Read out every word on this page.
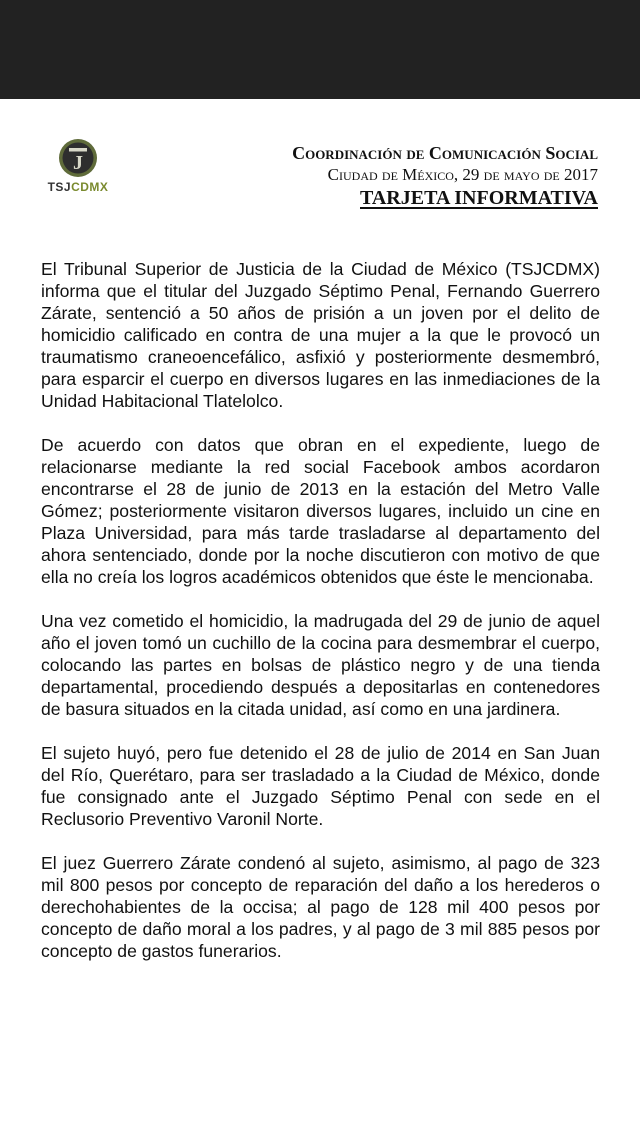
J
TSJCDMX
Coordinación de Comunicación Social
Ciudad de México, 29 de mayo de 2017
TARJETA INFORMATIVA

El Tribunal Superior de Justicia de la Ciudad de México (TSJCDMX) informa que el titular del Juzgado Séptimo Penal, Fernando Guerrero Zárate, sentenció a 50 años de prisión a un joven por el delito de homicidio calificado en contra de una mujer a la que le provocó un traumatismo craneoencefálico, asfixió y posteriormente desmembró, para esparcir el cuerpo en diversos lugares en las inmediaciones de la Unidad Habitacional Tlatelolco.

De acuerdo con datos que obran en el expediente, luego de relacionarse mediante la red social Facebook ambos acordaron encontrarse el 28 de junio de 2013 en la estación del Metro Valle Gómez; posteriormente visitaron diversos lugares, incluido un cine en Plaza Universidad, para más tarde trasladarse al departamento del ahora sentenciado, donde por la noche discutieron con motivo de que ella no creía los logros académicos obtenidos que éste le mencionaba.

Una vez cometido el homicidio, la madrugada del 29 de junio de aquel año el joven tomó un cuchillo de la cocina para desmembrar el cuerpo, colocando las partes en bolsas de plástico negro y de una tienda departamental, procediendo después a depositarlas en contenedores de basura situados en la citada unidad, así como en una jardinera.

El sujeto huyó, pero fue detenido el 28 de julio de 2014 en San Juan del Río, Querétaro, para ser trasladado a la Ciudad de México, donde fue consignado ante el Juzgado Séptimo Penal con sede en el Reclusorio Preventivo Varonil Norte.

El juez Guerrero Zárate condenó al sujeto, asimismo, al pago de 323 mil 800 pesos por concepto de reparación del daño a los herederos o derechohabientes de la occisa; al pago de 128 mil 400 pesos por concepto de daño moral a los padres, y al pago de 3 mil 885 pesos por concepto de gastos funerarios.
